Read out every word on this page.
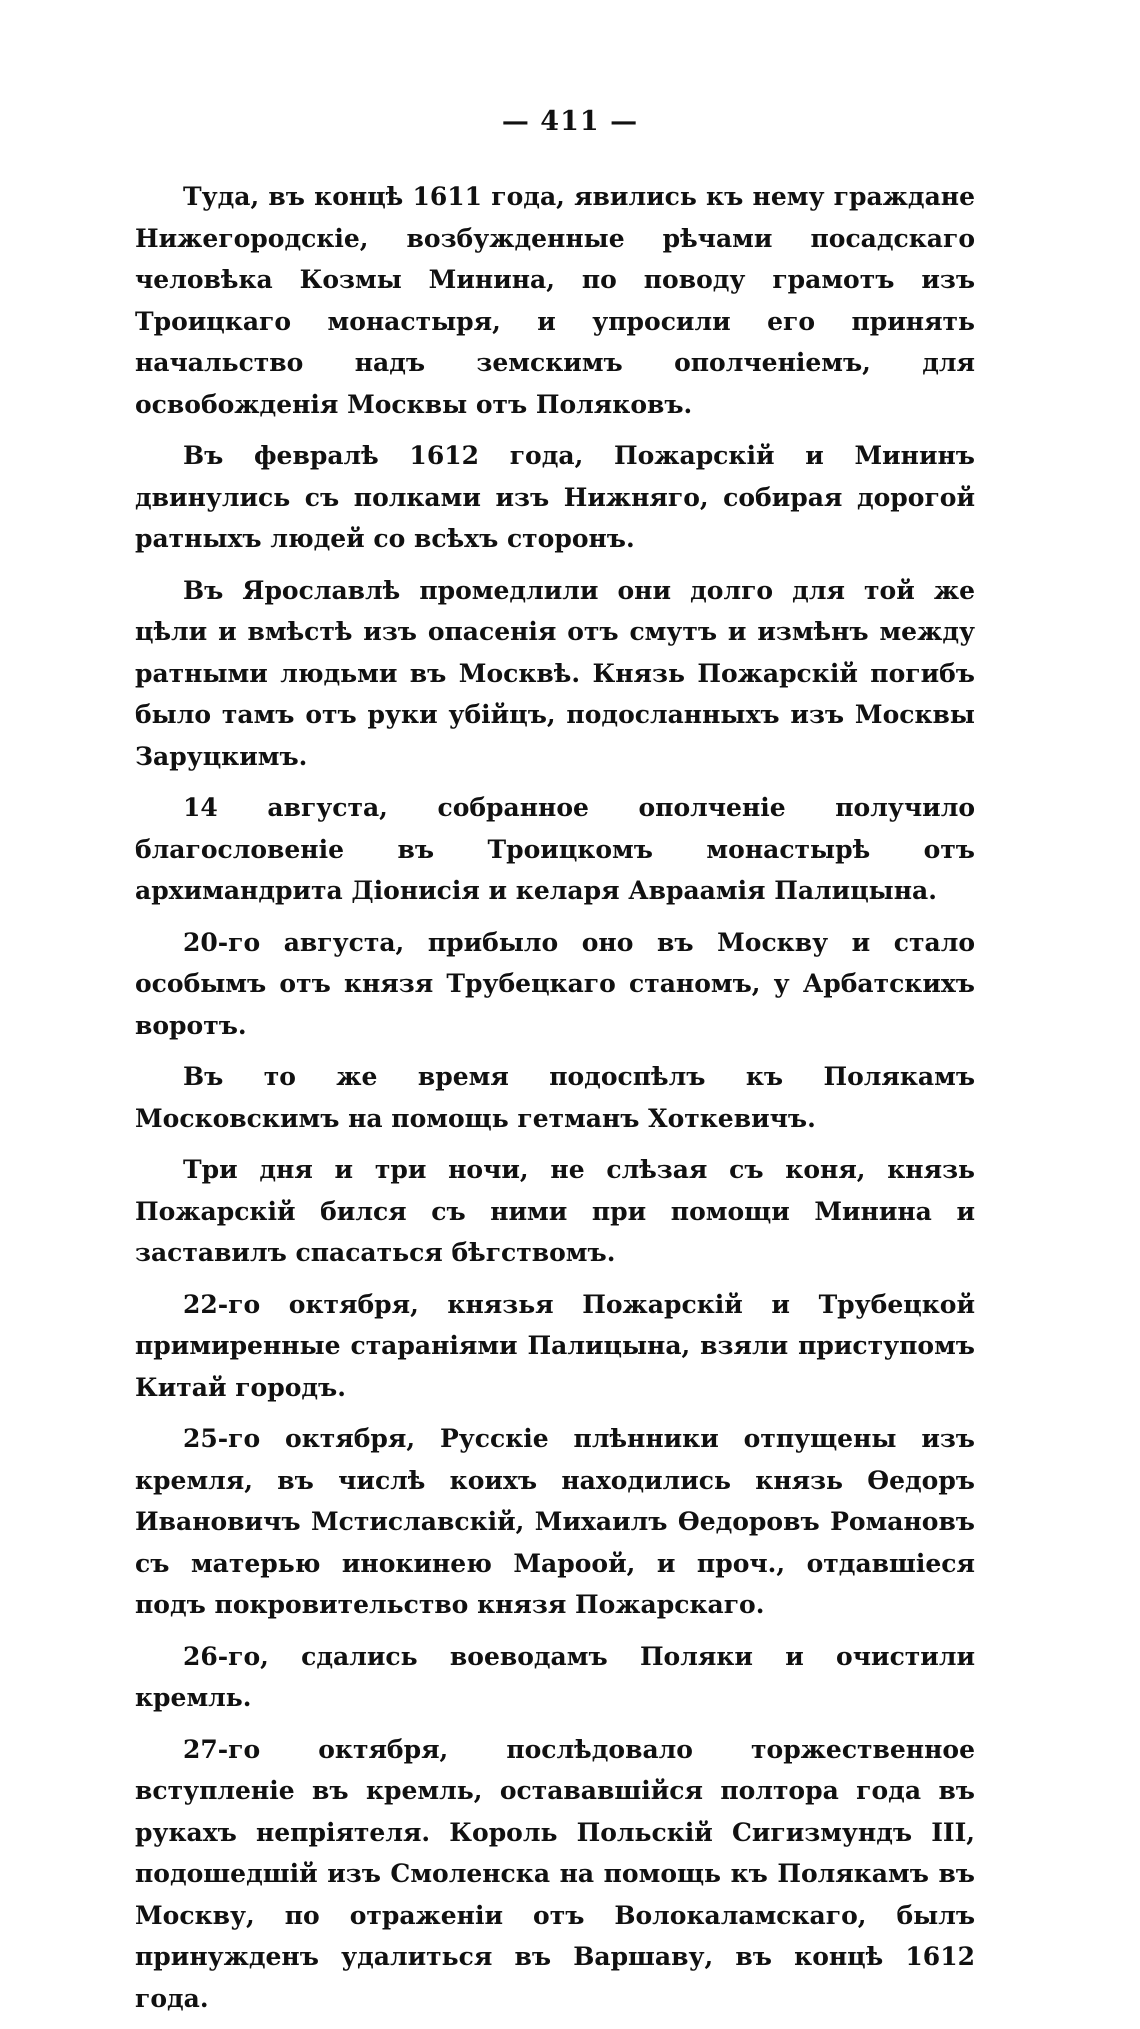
— 411 —

Туда, въ концѣ 1611 года, явились къ нему граждане Нижегородскіе, возбужденные рѣчами посадскаго человѣка Козмы Минина, по поводу грамотъ изъ Троицкаго монастыря, и упросили его принять начальство надъ земскимъ ополченіемъ, для освобожденія Москвы отъ Поляковъ.

Въ февралѣ 1612 года, Пожарскій и Мининъ двинулись съ полками изъ Нижняго, собирая дорогой ратныхъ людей со всѣхъ сторонъ.

Въ Ярославлѣ промедлили они долго для той же цѣли и вмѣстѣ изъ опасенія отъ смутъ и измѣнъ между ратными людьми въ Москвѣ. Князь Пожарскій погибъ было тамъ отъ руки убійцъ, подосланныхъ изъ Москвы Заруцкимъ.

14 августа, собранное ополченіе получило благословеніе въ Троицкомъ монастырѣ отъ архимандрита Діонисія и келаря Авраамія Палицына.

20-го августа, прибыло оно въ Москву и стало особымъ отъ князя Трубецкаго станомъ, у Арбатскихъ воротъ.

Въ то же время подоспѣлъ къ Полякамъ Московскимъ на помощь гетманъ Хоткевичъ.

Три дня и три ночи, не слѣзая съ коня, князь Пожарскій бился съ ними при помощи Минина и заставилъ спасаться бѣгствомъ.

22-го октября, князья Пожарскій и Трубецкой примиренные стараніями Палицына, взяли приступомъ Китай городъ.

25-го октября, Русскіе плѣнники отпущены изъ кремля, въ числѣ коихъ находились князь Ѳедоръ Ивановичъ Мстиславскій, Михаилъ Ѳедоровъ Романовъ съ матерью инокинею Мароой, и проч., отдавшіеся подъ покровительство князя Пожарскаго.

26-го, сдались воеводамъ Поляки и очистили кремль.

27-го октября, послѣдовало торжественное вступленіе въ кремль, остававшійся полтора года въ рукахъ непріятеля. Король Польскій Сигизмундъ III, подошедшій изъ Смоленска на помощь къ Полякамъ въ Москву, по отраженіи отъ Волокаламскаго, былъ принужденъ удалиться въ Варшаву, въ концѣ 1612 года.
